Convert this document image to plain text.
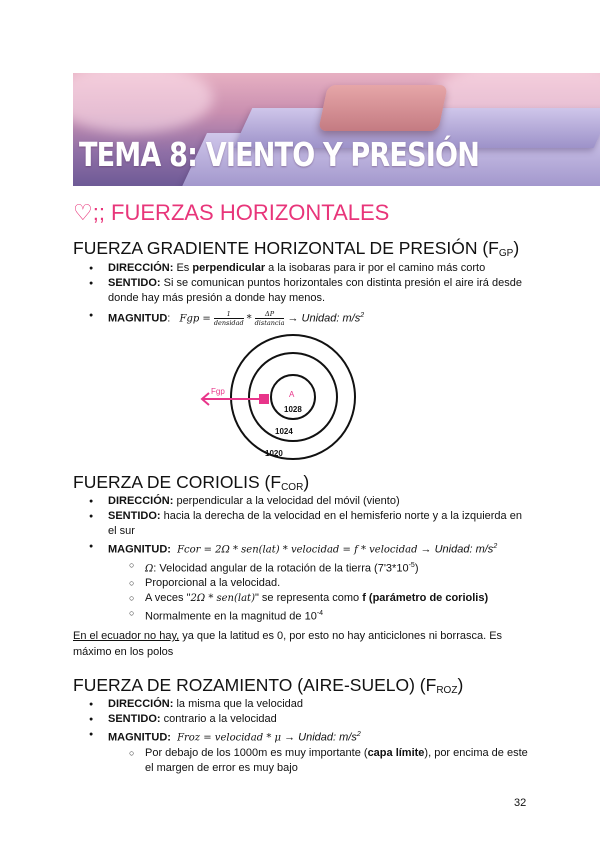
TEMA 8: VIENTO Y PRESIÓN
♡;; FUERZAS HORIZONTALES
FUERZA GRADIENTE HORIZONTAL DE PRESIÓN $(F_{GP})$
● DIRECCIÓN: Es perpendicular a la isobaras para ir por el camino más corto
● SENTIDO: Si se comunican puntos horizontales con distinta presión el aire irá desde donde hay más presión a donde hay menos.
● MAGNITUD: Fgp = $\frac{1}{\text{densidad}} * \frac{\Delta P}{\text{distancia}}$ → Unidad: $m/s^2$
Fgp	A
1028
1024
1020
FUERZA DE CORIOLIS $(F_{COR})$
● DIRECCIÓN: perpendicular a la velocidad del móvil (viento)
● SENTIDO: hacia la derecha de la velocidad en el hemisferio norte y a la izquierda en el sur
● MAGNITUD: Fcor = 2Ω * sen(lat) * velocidad = f * velocidad → Unidad: $m/s^2$
○ Ω: Velocidad angular de la rotación de la tierra $(7'3*10^{-5})$
○ Proporcional a la velocidad.
○ A veces "2Ω * sen(lat)" se representa como f (parámetro de coriolis)
○ Normalmente en la magnitud de $10^{-4}$

En el ecuador no hay, ya que la latitud es 0, por esto no hay anticiclones ni borrasca. Es máximo en los polos

FUERZA DE ROZAMIENTO (AIRE-SUELO) $(F_{ROZ})$
● DIRECCIÓN: la misma que la velocidad
● SENTIDO: contrario a la velocidad
● MAGNITUD: Froz = velocidad * μ → Unidad: $m/s^2$
○ Por debajo de los 1000m es muy importante (capa límite), por encima de este el margen de error es muy bajo
32
